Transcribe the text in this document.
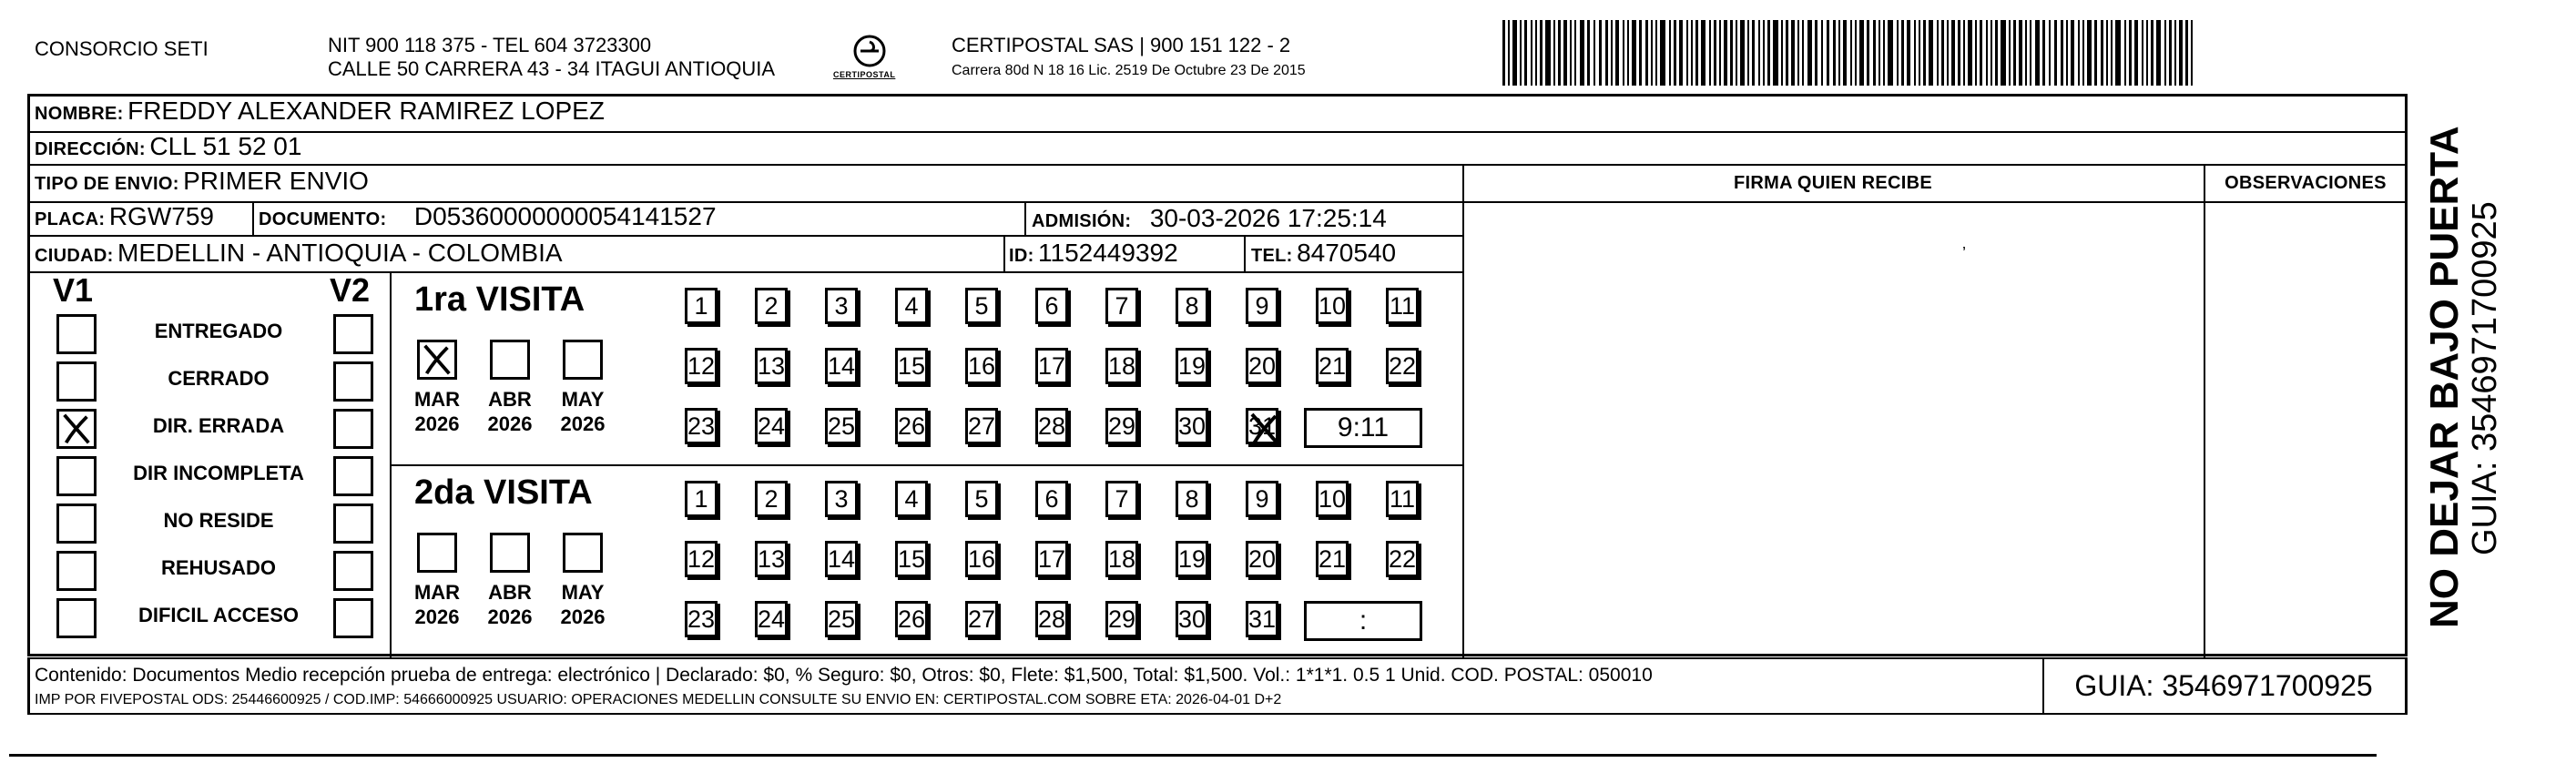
CONSORCIO SETI	NIT 900 118 375 - TEL 604 3723300
CALLE 50 CARRERA 43 - 34 ITAGUI ANTIOQUIA	CERTIPOSTAL
CERTIPOSTAL SAS | 900 151 122 - 2
Carrera 80d N 18 16 Lic. 2519 De Octubre 23 De 2015
NOMBRE: FREDDY ALEXANDER RAMIREZ LOPEZ
DIRECCIÓN: CLL 51 52 01
TIPO DE ENVIO: PRIMER ENVIO
PLACA: RGW759 DOCUMENTO: D05360000000054141527	ADMISIÓN: 30-03-2026 17:25:14
CIUDAD: MEDELLIN - ANTIOQUIA - COLOMBIA	ID: 1152449392	TEL: 8470540
FIRMA QUIEN RECIBE	OBSERVACIONES
’
V1	V2
ENTREGADO
CERRADO
DIR. ERRADA
DIR INCOMPLETA
NO RESIDE
REHUSADO
DIFICIL ACCESO
1ra VISITA
2da VISITA
MAR
2026
ABR
2026
MAY
2026
1	2	3	4	5	6	7	8	9	10 11
12 13 14 15 16 17 18 19 20 21 22
23 24 25 26 27 28 29 30 31	9:11
MAR
2026
ABR
2026
MAY
2026
1	2	3	4	5	6	7	8	9	10 11
12 13 14 15 16 17 18 19 20 21 22
23 24 25 26 27 28 29 30 31	:
Contenido: Documentos Medio recepción prueba de entrega: electrónico | Declarado: $0, % Seguro: $0, Otros: $0, Flete: $1,500, Total: $1,500. Vol.: 1*1*1. 0.5 1 Unid. COD. POSTAL: 050010
IMP POR FIVEPOSTAL ODS: 25446600925 / COD.IMP: 54666000925 USUARIO: OPERACIONES MEDELLIN CONSULTE SU ENVIO EN: CERTIPOSTAL.COM SOBRE ETA: 2026-04-01 D+2	GUIA: 3546971700925
NO DEJAR BAJO PUERTA GUIA: 3546971700925
